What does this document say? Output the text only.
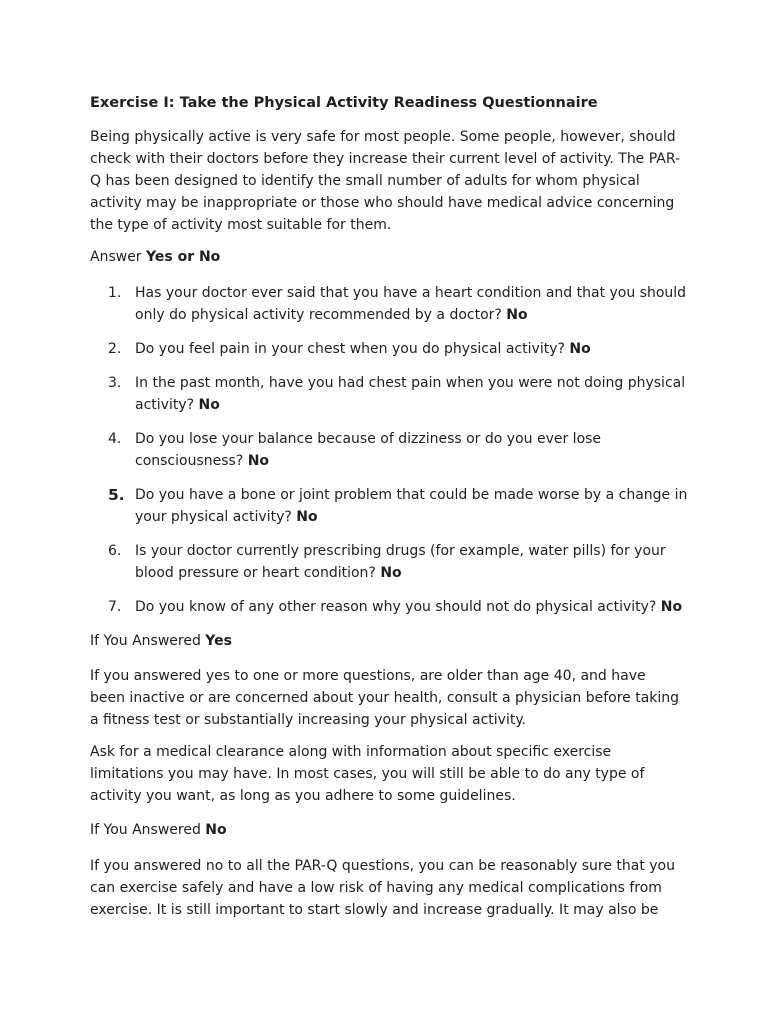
Exercise I: Take the Physical Activity Readiness Questionnaire
Being physically active is very safe for most people. Some people, however, should check with their doctors before they increase their current level of activity. The PAR-Q has been designed to identify the small number of adults for whom physical activity may be inappropriate or those who should have medical advice concerning the type of activity most suitable for them.
Answer Yes or No
1. Has your doctor ever said that you have a heart condition and that you should only do physical activity recommended by a doctor? No
2. Do you feel pain in your chest when you do physical activity? No
3. In the past month, have you had chest pain when you were not doing physical activity? No
4. Do you lose your balance because of dizziness or do you ever lose consciousness? No
5. Do you have a bone or joint problem that could be made worse by a change in your physical activity? No
6. Is your doctor currently prescribing drugs (for example, water pills) for your blood pressure or heart condition? No
7. Do you know of any other reason why you should not do physical activity? No
If You Answered Yes
If you answered yes to one or more questions, are older than age 40, and have been inactive or are concerned about your health, consult a physician before taking a fitness test or substantially increasing your physical activity.
Ask for a medical clearance along with information about specific exercise limitations you may have. In most cases, you will still be able to do any type of activity you want, as long as you adhere to some guidelines.
If You Answered No
If you answered no to all the PAR-Q questions, you can be reasonably sure that you can exercise safely and have a low risk of having any medical complications from exercise. It is still important to start slowly and increase gradually. It may also be
